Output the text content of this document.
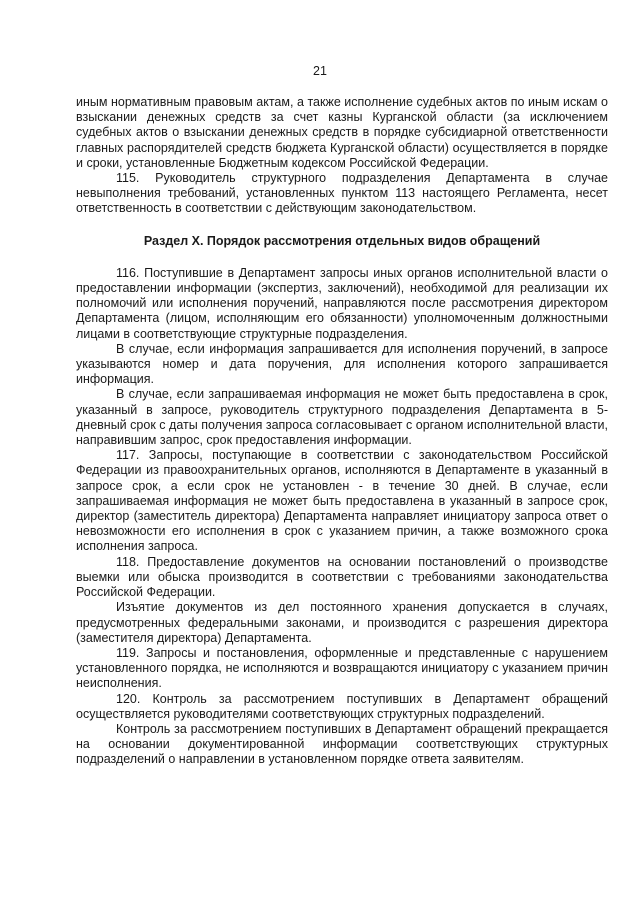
21

иным нормативным правовым актам, а также исполнение судебных актов по иным искам о взыскании денежных средств за счет казны Курганской области (за исключением судебных актов о взыскании денежных средств в порядке субсидиарной ответственности главных распорядителей средств бюджета Курганской области) осуществляется в порядке и сроки, установленные Бюджетным кодексом Российской Федерации.

115. Руководитель структурного подразделения Департамента в случае невыполнения требований, установленных пунктом 113 настоящего Регламента, несет ответственность в соответствии с действующим законодательством.

Раздел X. Порядок рассмотрения отдельных видов обращений

116. Поступившие в Департамент запросы иных органов исполнительной власти о предоставлении информации (экспертиз, заключений), необходимой для реализации их полномочий или исполнения поручений, направляются после рассмотрения директором Департамента (лицом, исполняющим его обязанности) уполномоченным должностными лицами в соответствующие структурные подразделения.

В случае, если информация запрашивается для исполнения поручений, в запросе указываются номер и дата поручения, для исполнения которого запрашивается информация.

В случае, если запрашиваемая информация не может быть предоставлена в срок, указанный в запросе, руководитель структурного подразделения Департамента в 5-дневный срок с даты получения запроса согласовывает с органом исполнительной власти, направившим запрос, срок предоставления информации.

117. Запросы, поступающие в соответствии с законодательством Российской Федерации из правоохранительных органов, исполняются в Департаменте в указанный в запросе срок, а если срок не установлен - в течение 30 дней. В случае, если запрашиваемая информация не может быть предоставлена в указанный в запросе срок, директор (заместитель директора) Департамента направляет инициатору запроса ответ о невозможности его исполнения в срок с указанием причин, а также возможного срока исполнения запроса.

118. Предоставление документов на основании постановлений о производстве выемки или обыска производится в соответствии с требованиями законодательства Российской Федерации.

Изъятие документов из дел постоянного хранения допускается в случаях, предусмотренных федеральными законами, и производится с разрешения директора (заместителя директора) Департамента.

119. Запросы и постановления, оформленные и представленные с нарушением установленного порядка, не исполняются и возвращаются инициатору с указанием причин неисполнения.

120. Контроль за рассмотрением поступивших в Департамент обращений осуществляется руководителями соответствующих структурных подразделений.

Контроль за рассмотрением поступивших в Департамент обращений прекращается на основании документированной информации соответствующих структурных подразделений о направлении в установленном порядке ответа заявителям.
